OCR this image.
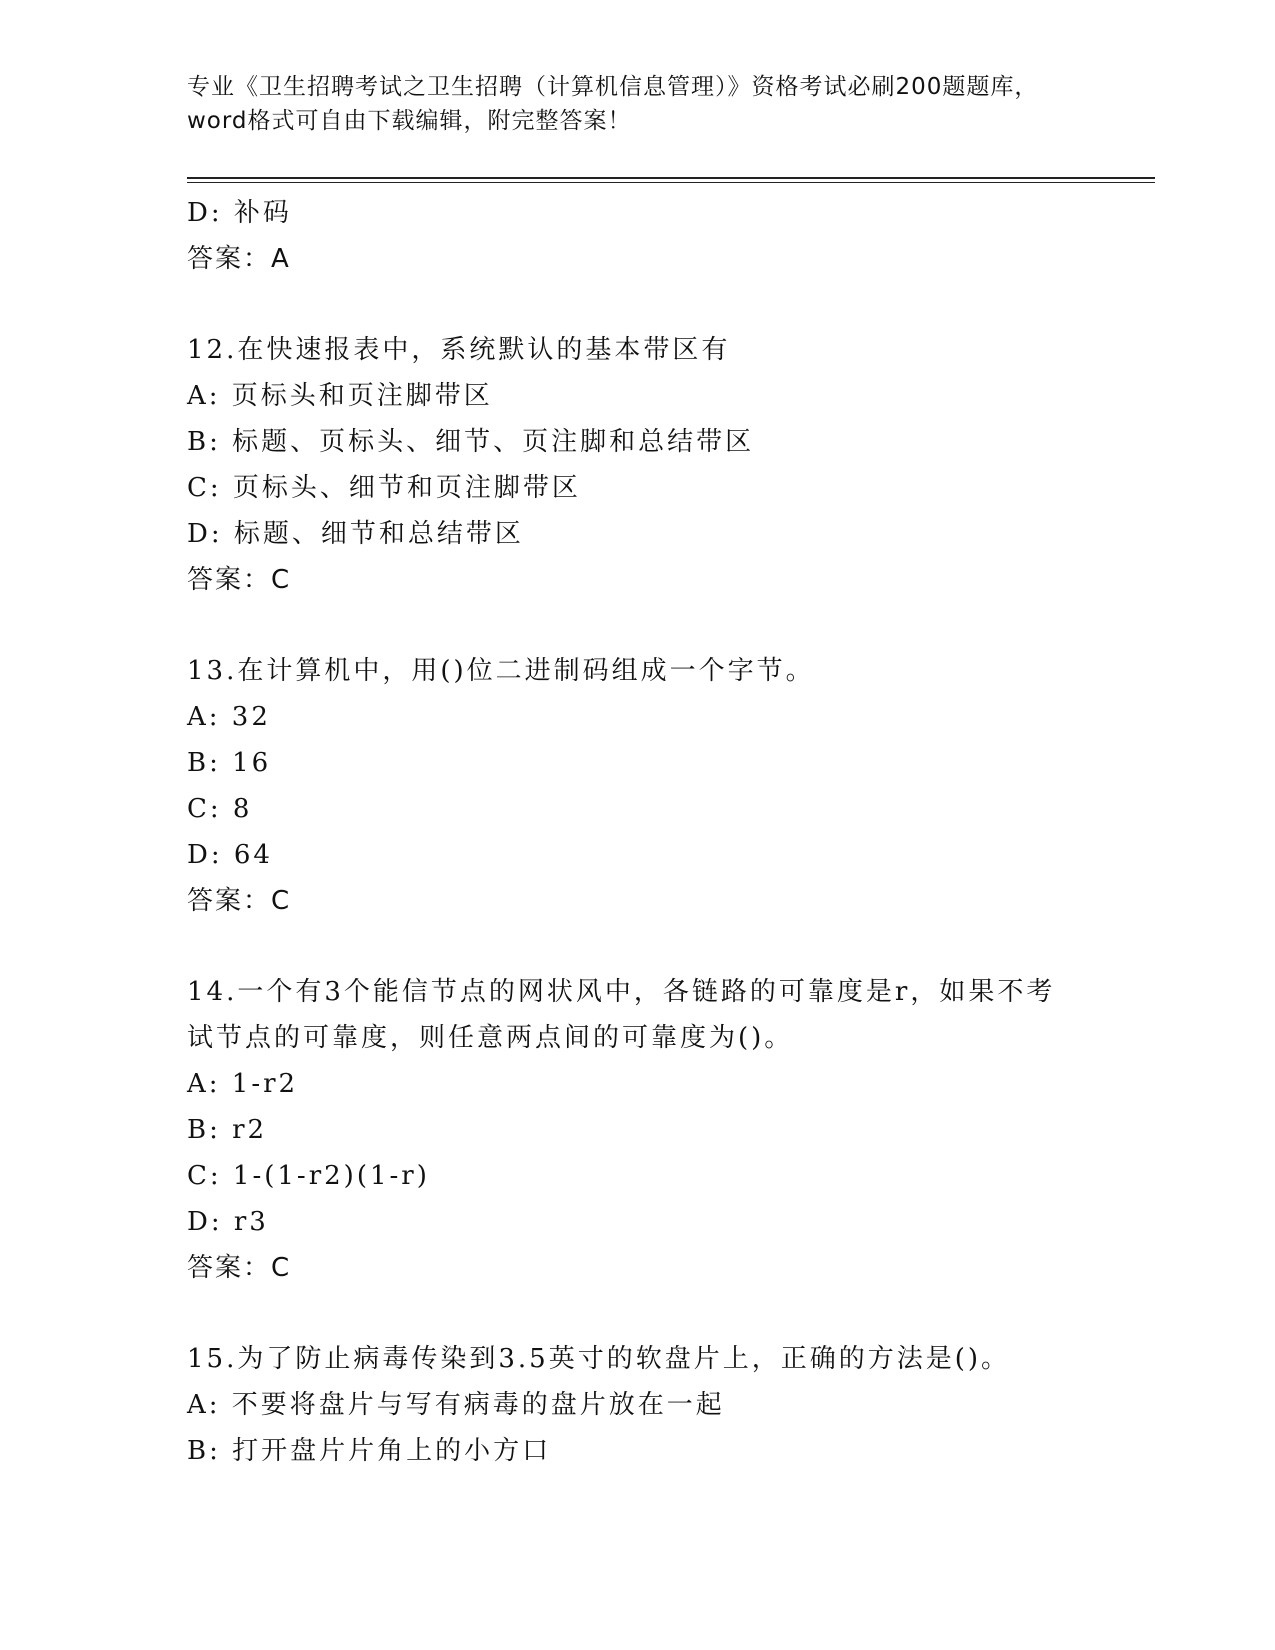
专业《卫生招聘考试之卫生招聘（计算机信息管理）》资格考试必刷200题题库，
word格式可自由下载编辑，附完整答案！
D: 补码
答案：A
12.在快速报表中，系统默认的基本带区有
A: 页标头和页注脚带区
B: 标题、页标头、细节、页注脚和总结带区
C: 页标头、细节和页注脚带区
D: 标题、细节和总结带区
答案：C
13.在计算机中，用()位二进制码组成一个字节。
A: 32
B: 16
C: 8
D: 64
答案：C
14.一个有3个能信节点的网状风中，各链路的可靠度是r，如果不考
试节点的可靠度，则任意两点间的可靠度为()。
A: 1-r2
B: r2
C: 1-(1-r2)(1-r)
D: r3
答案：C
15.为了防止病毒传染到3.5英寸的软盘片上，正确的方法是()。
A: 不要将盘片与写有病毒的盘片放在一起
B: 打开盘片片角上的小方口
